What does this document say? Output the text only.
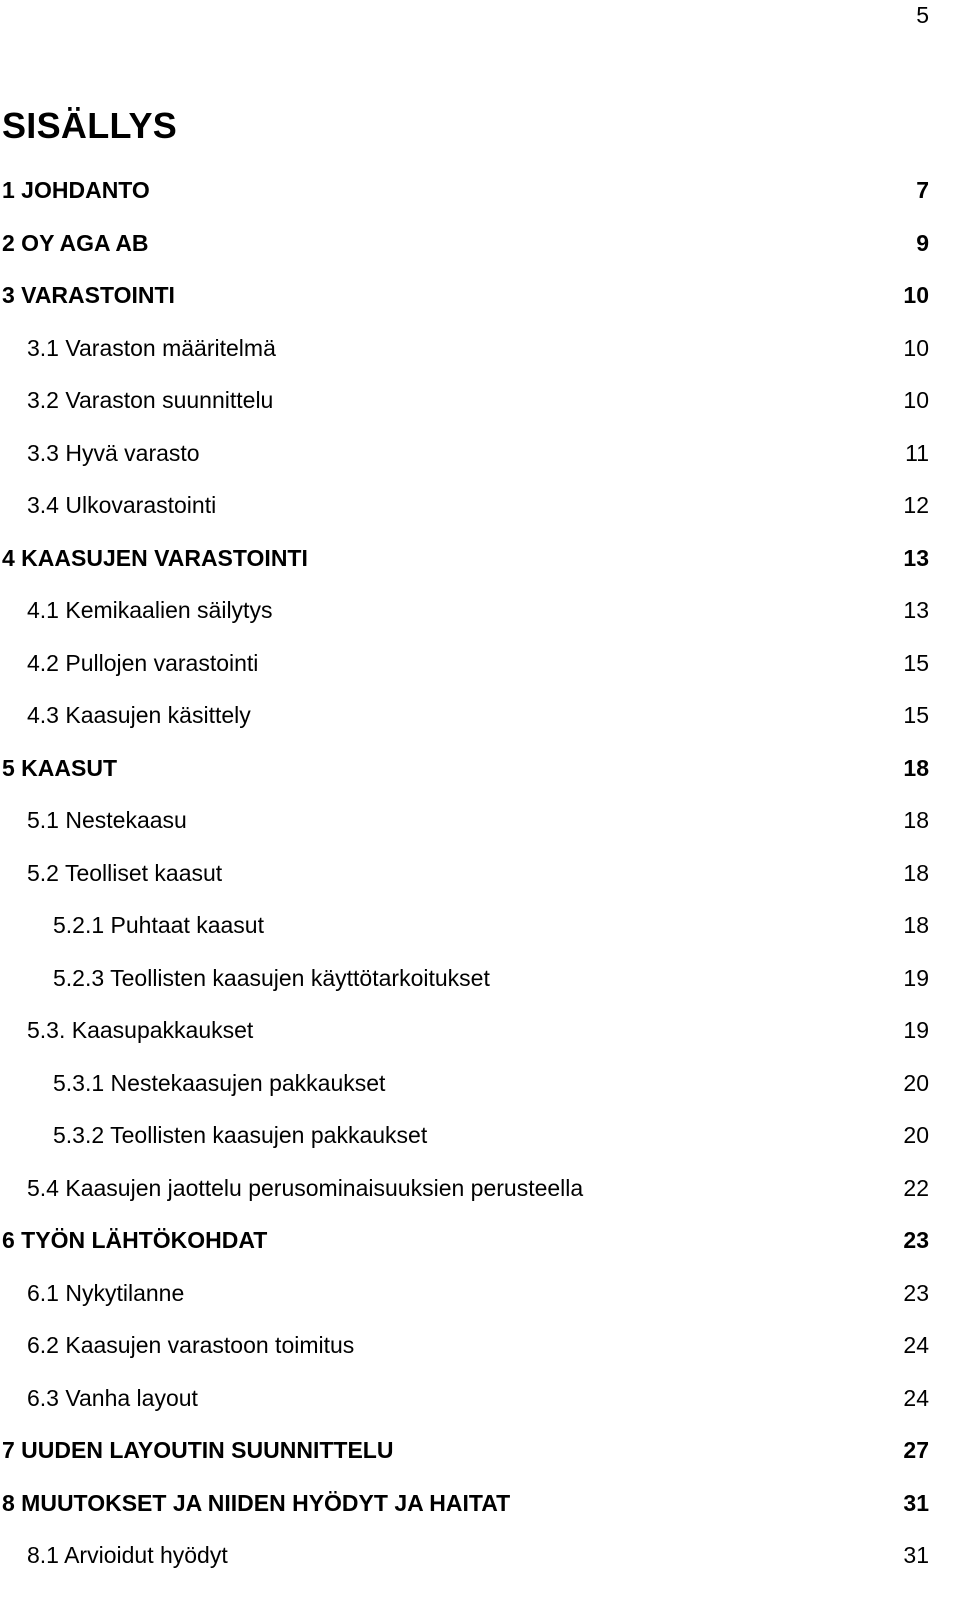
5
SISÄLLYS
1 JOHDANTO	7
2 OY AGA AB	9
3 VARASTOINTI	10
3.1 Varaston määritelmä	10
3.2 Varaston suunnittelu	10
3.3 Hyvä varasto	11
3.4 Ulkovarastointi	12
4 KAASUJEN VARASTOINTI	13
4.1 Kemikaalien säilytys	13
4.2 Pullojen varastointi	15
4.3 Kaasujen käsittely	15
5 KAASUT	18
5.1 Nestekaasu	18
5.2 Teolliset kaasut	18
5.2.1 Puhtaat kaasut	18
5.2.3 Teollisten kaasujen käyttötarkoitukset	19
5.3. Kaasupakkaukset	19
5.3.1 Nestekaasujen pakkaukset	20
5.3.2 Teollisten kaasujen pakkaukset	20
5.4 Kaasujen jaottelu perusominaisuuksien perusteella	22
6 TYÖN LÄHTÖKOHDAT	23
6.1 Nykytilanne	23
6.2 Kaasujen varastoon toimitus	24
6.3 Vanha layout	24
7 UUDEN LAYOUTIN SUUNNITTELU	27
8 MUUTOKSET JA NIIDEN HYÖDYT JA HAITAT	31
8.1 Arvioidut hyödyt	31
